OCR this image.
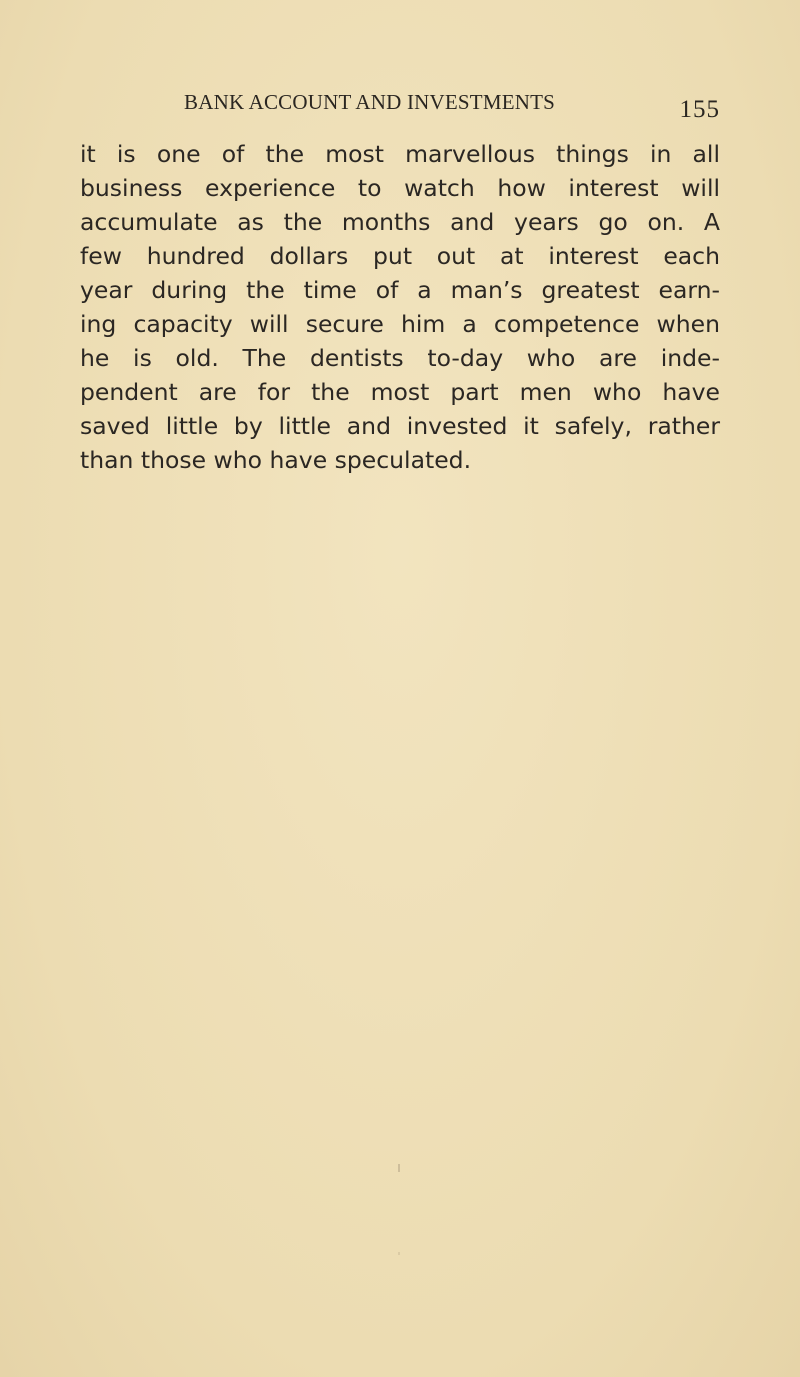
BANK ACCOUNT AND INVESTMENTS	155
it is one of the most marvellous things in all
business experience to watch how interest will
accumulate as the months and years go on. A
few hundred dollars put out at interest each
year during the time of a man’s greatest earn-
ing capacity will secure him a competence when
he is old. The dentists to-day who are inde-
pendent are for the most part men who have
saved little by little and invested it safely, rather
than those who have speculated.
